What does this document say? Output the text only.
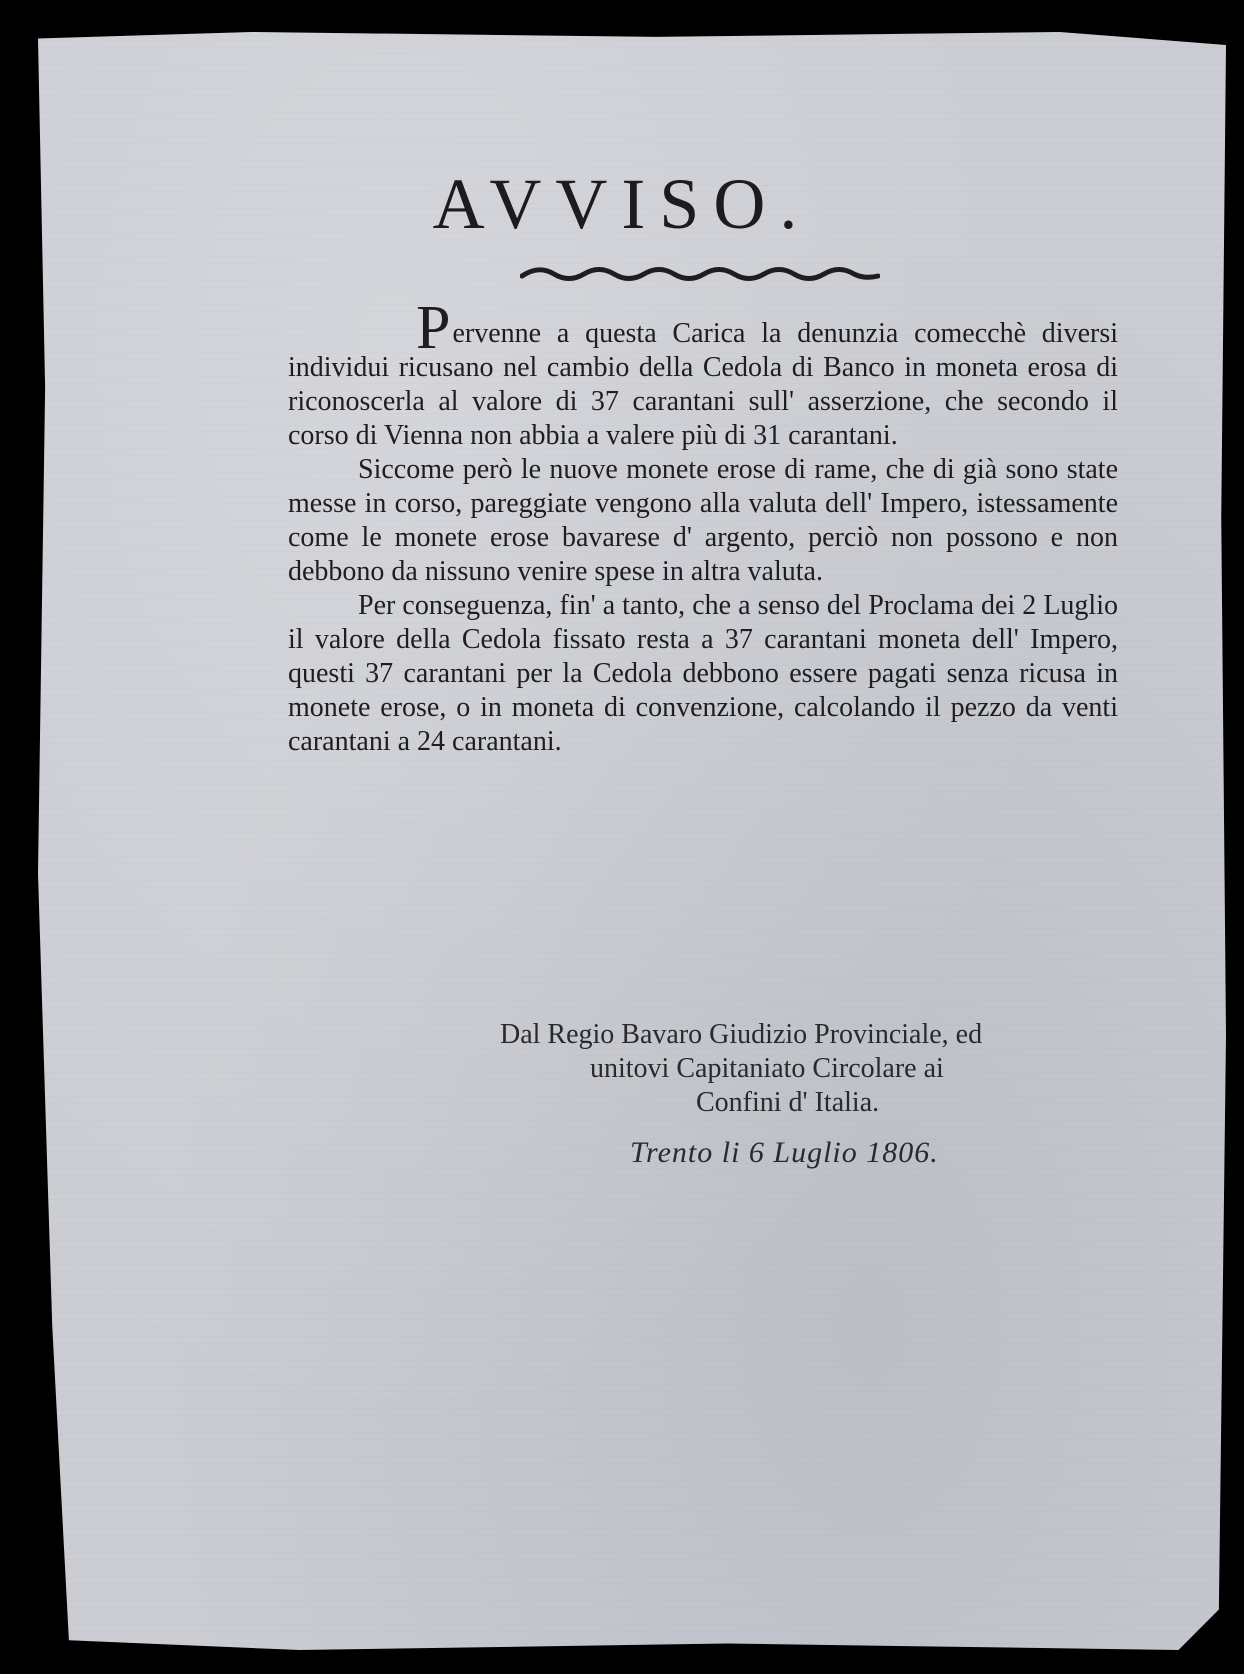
AVVISO.

Pervenne a questa Carica la denunzia comecchè diversi individui ricusano nel cambio della Cedola di Banco in moneta erosa di riconoscerla al valore di 37 carantani sull' asserzione, che secondo il corso di Vienna non abbia a valere più di 31 carantani.

Siccome però le nuove monete erose di rame, che di già sono state messe in corso, pareggiate vengono alla valuta dell' Impero, istessamente come le monete erose bavarese d' argento, perciò non possono e non debbono da nissuno venire spese in altra valuta.

Per conseguenza, fin' a tanto, che a senso del Proclama dei 2 Luglio il valore della Cedola fissato resta a 37 carantani moneta dell' Impero, questi 37 carantani per la Cedola debbono essere pagati senza ricusa in monete erose, o in moneta di convenzione, calcolando il pezzo da venti carantani a 24 carantani.

Dal Regio Bavaro Giudizio Provinciale, ed
unitovi Capitaniato Circolare ai
Confini d' Italia.
Trento li 6 Luglio 1806.
